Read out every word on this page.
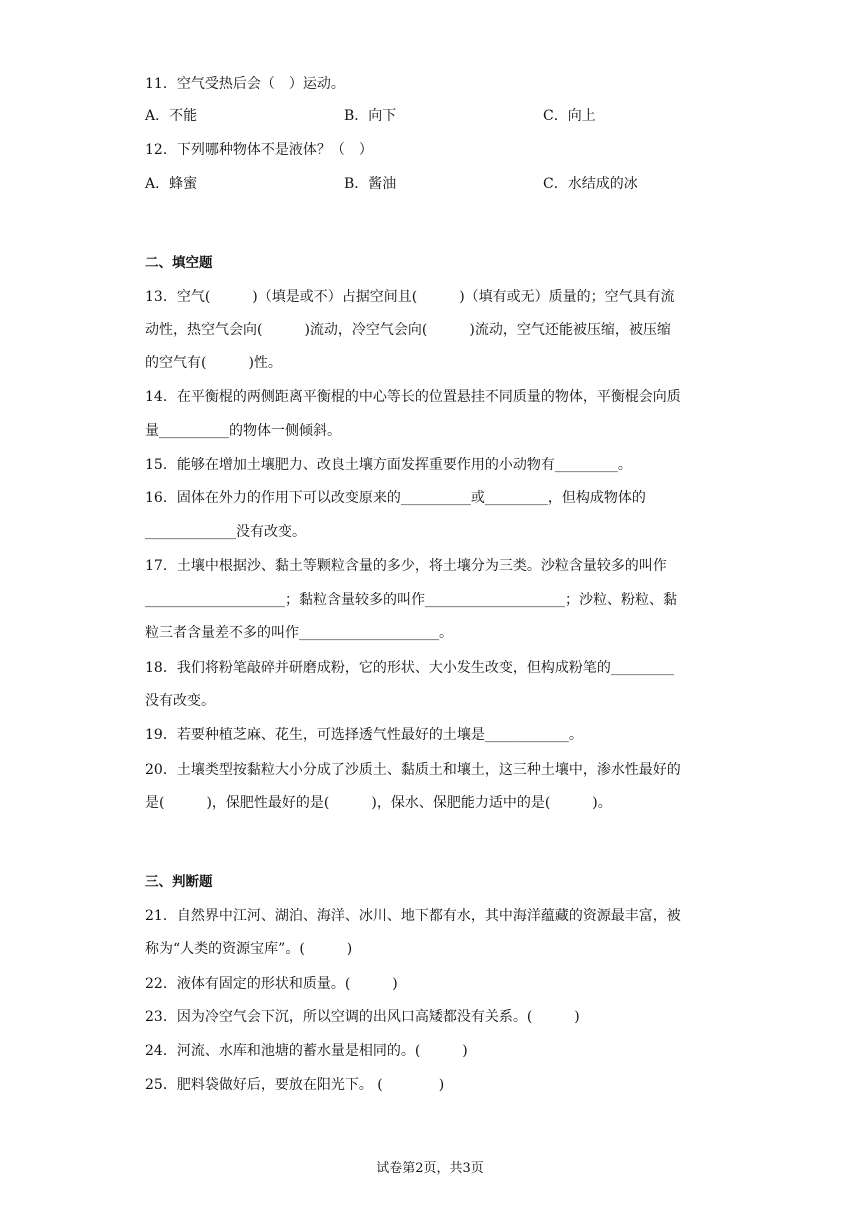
11．空气受热后会（　）运动。
A．不能	B．向下	C．向上
12．下列哪种物体不是液体？（　）
A．蜂蜜	B．酱油	C．水结成的冰
二、填空题
13．空气(　　　)（填是或不）占据空间且(　　　)（填有或无）质量的；空气具有流
动性，热空气会向(　　　)流动，冷空气会向(　　　)流动，空气还能被压缩，被压缩
的空气有(　　　)性。
14．在平衡棍的两侧距离平衡棍的中心等长的位置悬挂不同质量的物体，平衡棍会向质
量__________的物体一侧倾斜。
15．能够在增加土壤肥力、改良土壤方面发挥重要作用的小动物有_________。
16．固体在外力的作用下可以改变原来的__________或_________，但构成物体的
_____________没有改变。
17．土壤中根据沙、黏土等颗粒含量的多少，将土壤分为三类。沙粒含量较多的叫作
____________________；黏粒含量较多的叫作____________________；沙粒、粉粒、黏
粒三者含量差不多的叫作____________________。
18．我们将粉笔敲碎并研磨成粉，它的形状、大小发生改变，但构成粉笔的_________
没有改变。
19．若要种植芝麻、花生，可选择透气性最好的土壤是____________。
20．土壤类型按黏粒大小分成了沙质土、黏质土和壤土，这三种土壤中，渗水性最好的
是(　　　)，保肥性最好的是(　　　)，保水、保肥能力适中的是(　　　)。
三、判断题
21．自然界中江河、湖泊、海洋、冰川、地下都有水，其中海洋蕴藏的资源最丰富，被
称为“人类的资源宝库”。(　　　)
22．液体有固定的形状和质量。(　　　)
23．因为冷空气会下沉，所以空调的出风口高矮都没有关系。(　　　)
24．河流、水库和池塘的蓄水量是相同的。(　　　)
25．肥料袋做好后，要放在阳光下。 (　　　　)
试卷第2页，共3页
